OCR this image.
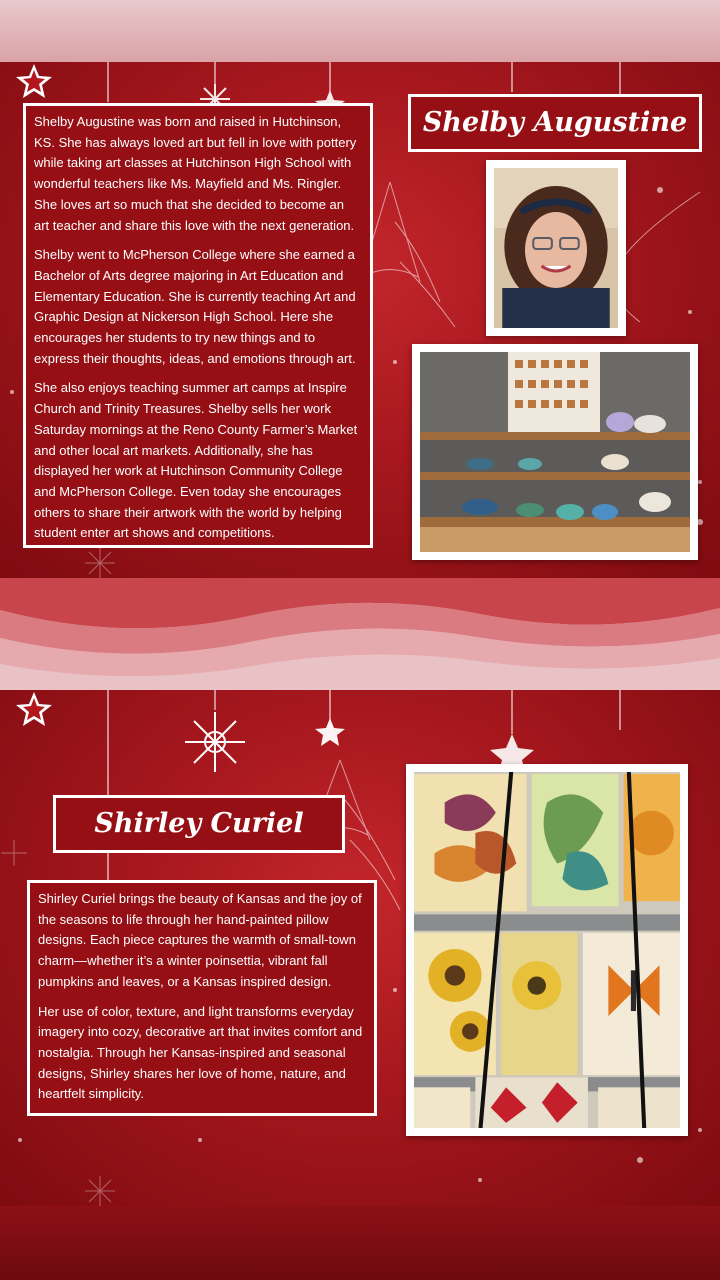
Shelby Augustine was born and raised in Hutchinson, KS. She has always loved art but fell in love with pottery while taking art classes at Hutchinson High School with wonderful teachers like Ms. Mayfield and Ms. Ringler. She loves art so much that she decided to become an art teacher and share this love with the next generation.

Shelby went to McPherson College where she earned a Bachelor of Arts degree majoring in Art Education and Elementary Education. She is currently teaching Art and Graphic Design at Nickerson High School. Here she encourages her students to try new things and to express their thoughts, ideas, and emotions through art.

She also enjoys teaching summer art camps at Inspire Church and Trinity Treasures. Shelby sells her work Saturday mornings at the Reno County Farmer’s Market and other local art markets. Additionally, she has displayed her work at Hutchinson Community College and McPherson College. Even today she encourages others to share their artwork with the world by helping student enter art shows and competitions.

Shelby Augustine
Shirley Curiel

Shirley Curiel brings the beauty of Kansas and the joy of the seasons to life through her hand-painted pillow designs. Each piece captures the warmth of small-town charm—whether it’s a winter poinsettia, vibrant fall pumpkins and leaves, or a Kansas inspired design.

Her use of color, texture, and light transforms everyday imagery into cozy, decorative art that invites comfort and nostalgia. Through her Kansas-inspired and seasonal designs, Shirley shares her love of home, nature, and heartfelt simplicity.
